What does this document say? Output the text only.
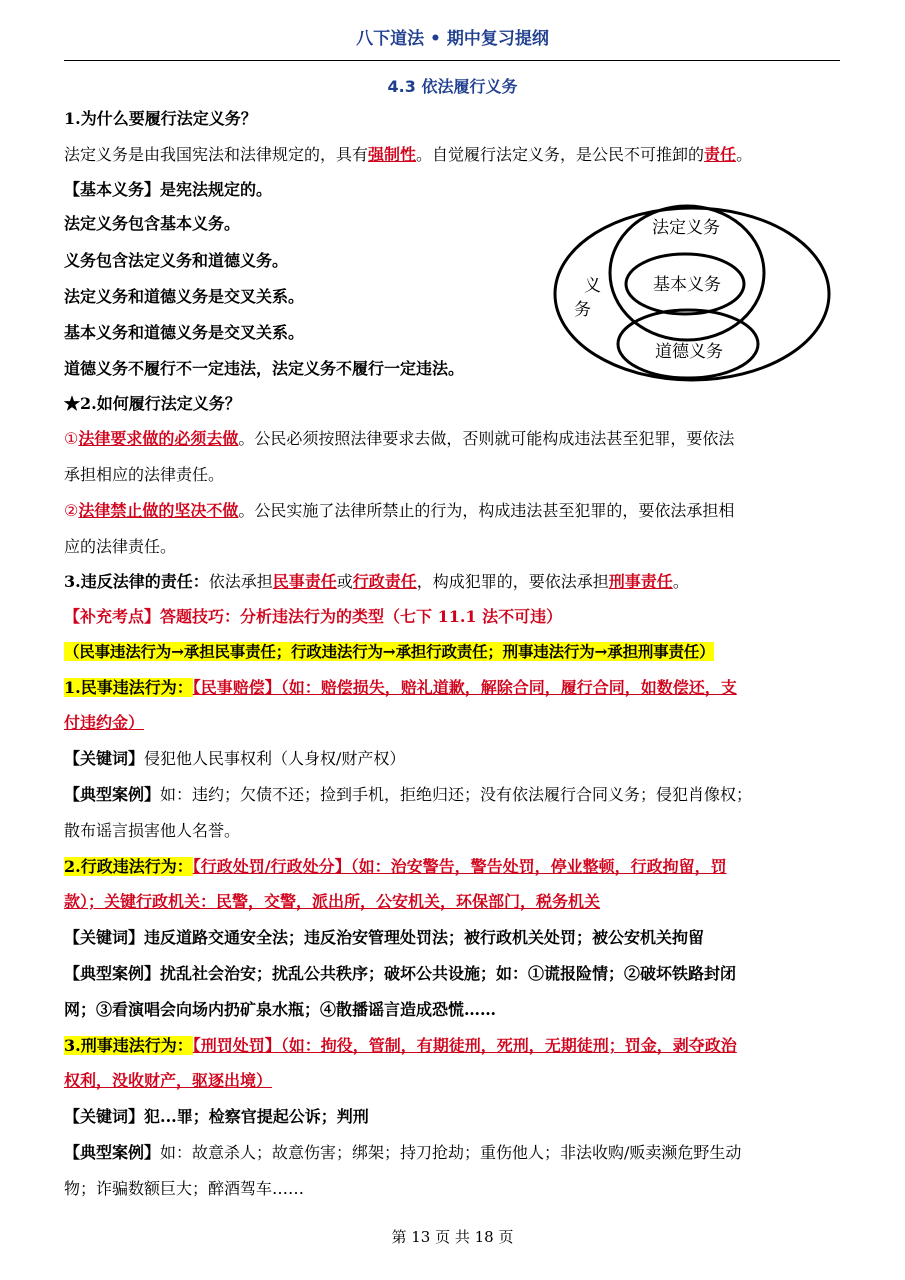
八下道法 • 期中复习提纲
4.3 依法履行义务
1.为什么要履行法定义务？
法定义务是由我国宪法和法律规定的，具有强制性。自觉履行法定义务，是公民不可推卸的责任。
【基本义务】是宪法规定的。
法定义务包含基本义务。
义务包含法定义务和道德义务。
法定义务和道德义务是交叉关系。
基本义务和道德义务是交叉关系。
道德义务不履行不一定违法，法定义务不履行一定违法。
义
务
法定义务
基本义务
道德义务
★2.如何履行法定义务？
①法律要求做的必须去做。公民必须按照法律要求去做，否则就可能构成违法甚至犯罪，要依法
承担相应的法律责任。
②法律禁止做的坚决不做。公民实施了法律所禁止的行为，构成违法甚至犯罪的，要依法承担相
应的法律责任。
3.违反法律的责任：依法承担民事责任或行政责任，构成犯罪的，要依法承担刑事责任。
【补充考点】答题技巧：分析违法行为的类型（七下 11.1 法不可违）
（民事违法行为→承担民事责任；行政违法行为→承担行政责任；刑事违法行为→承担刑事责任）
1.民事违法行为：【民事赔偿】（如：赔偿损失，赔礼道歉，解除合同，履行合同，如数偿还，支
付违约金）
【关键词】侵犯他人民事权利（人身权/财产权）
【典型案例】如：违约；欠债不还；捡到手机，拒绝归还；没有依法履行合同义务；侵犯肖像权；
散布谣言损害他人名誉。
2.行政违法行为：【行政处罚/行政处分】（如：治安警告，警告处罚，停业整顿，行政拘留，罚
款）；关键行政机关：民警，交警，派出所，公安机关，环保部门，税务机关
【关键词】违反道路交通安全法；违反治安管理处罚法；被行政机关处罚；被公安机关拘留
【典型案例】扰乱社会治安；扰乱公共秩序；破坏公共设施；如：①谎报险情；②破坏铁路封闭
网；③看演唱会向场内扔矿泉水瓶；④散播谣言造成恐慌……
3.刑事违法行为：【刑罚处罚】（如：拘役，管制，有期徒刑，死刑，无期徒刑；罚金，剥夺政治
权利，没收财产，驱逐出境）
【关键词】犯...罪；检察官提起公诉；判刑
【典型案例】如：故意杀人；故意伤害；绑架；持刀抢劫；重伤他人；非法收购/贩卖濒危野生动
物；诈骗数额巨大；醉酒驾车……
第 13 页 共 18 页
